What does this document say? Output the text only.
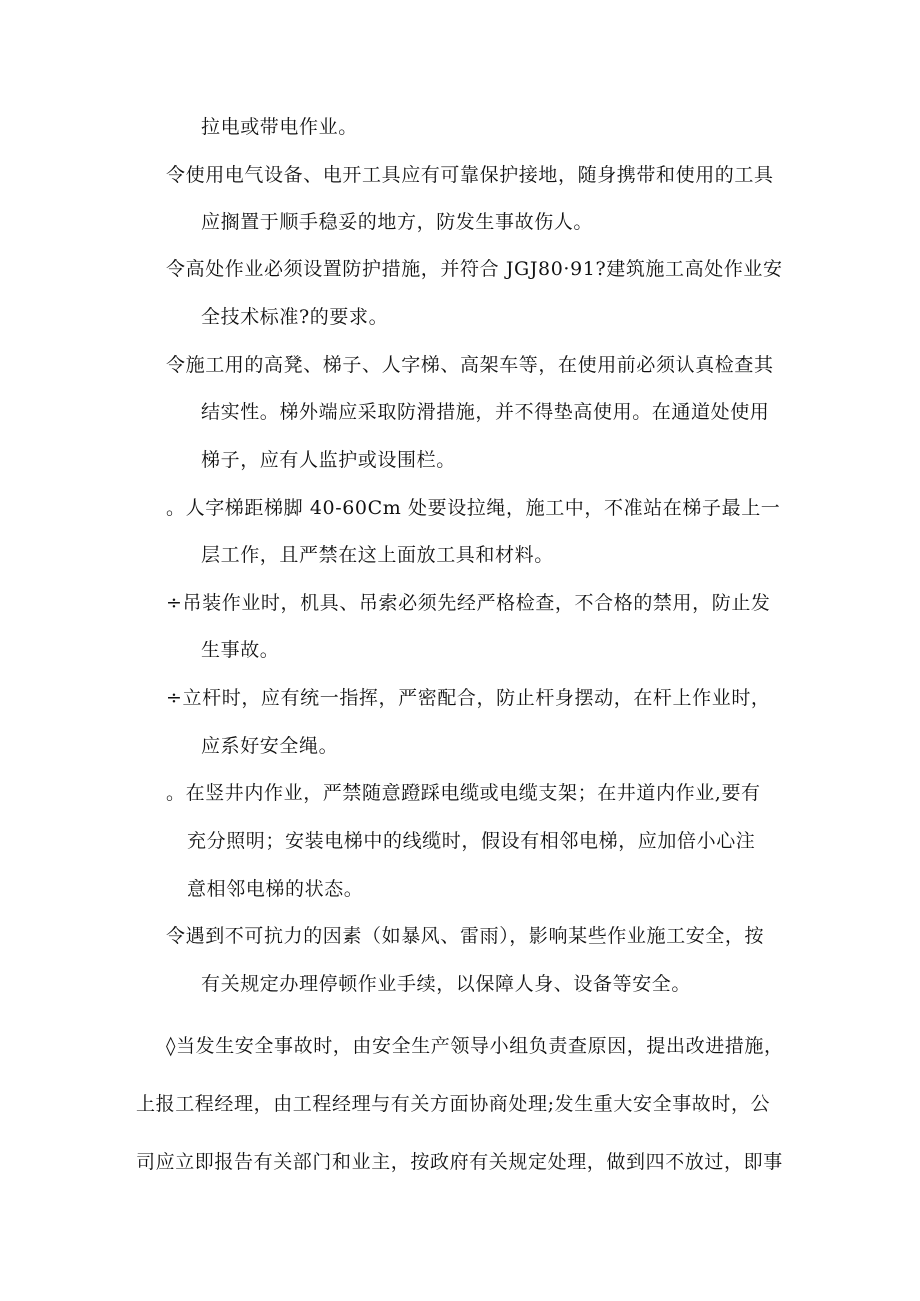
拉电或带电作业。
令使用电气设备、电开工具应有可靠保护接地，随身携带和使用的工具
应搁置于顺手稳妥的地方，防发生事故伤人。
令高处作业必须设置防护措施，并符合 JGJ80·91?建筑施工高处作业安
全技术标准?的要求。
令施工用的高凳、梯子、人字梯、高架车等，在使用前必须认真检查其
结实性。梯外端应采取防滑措施，并不得垫高使用。在通道处使用
梯子，应有人监护或设围栏。
。人字梯距梯脚 40-60Cm 处要设拉绳，施工中，不准站在梯子最上一
层工作，且严禁在这上面放工具和材料。
÷吊装作业时，机具、吊索必须先经严格检查，不合格的禁用，防止发
生事故。
÷立杆时，应有统一指挥，严密配合，防止杆身摆动，在杆上作业时，
应系好安全绳。
。在竖井内作业，严禁随意蹬踩电缆或电缆支架；在井道内作业,要有
充分照明；安装电梯中的线缆时，假设有相邻电梯，应加倍小心注
意相邻电梯的状态。
令遇到不可抗力的因素（如暴风、雷雨），影响某些作业施工安全，按
有关规定办理停顿作业手续，以保障人身、设备等安全。
◊当发生安全事故时，由安全生产领导小组负责查原因，提出改进措施，
上报工程经理，由工程经理与有关方面协商处理;发生重大安全事故时，公
司应立即报告有关部门和业主，按政府有关规定处理，做到四不放过，即事
